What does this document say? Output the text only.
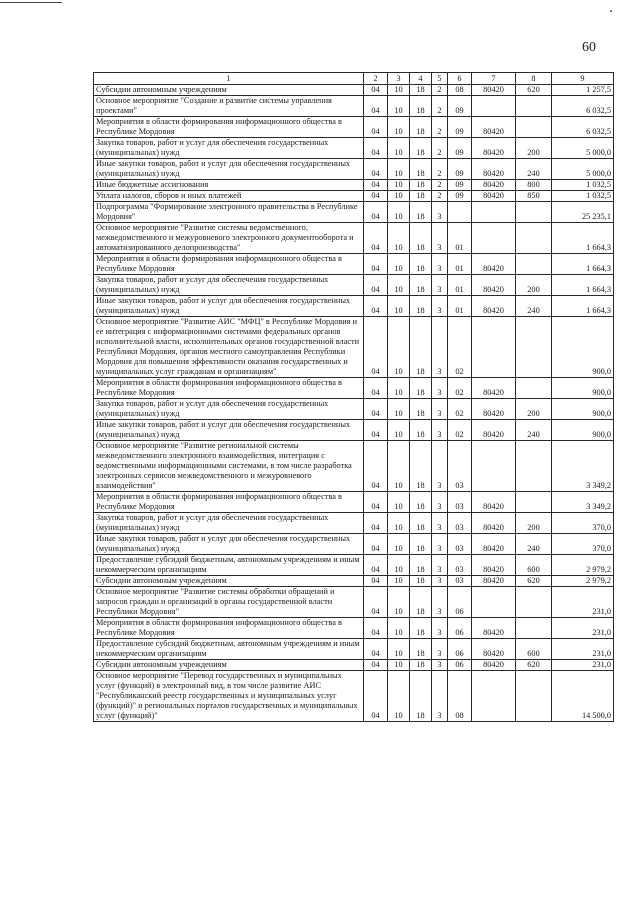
60
1	2	3	4	5	6	7	8	9
Субсидии автономным учреждениям	04	10	18	2	08	80420	620	1 257,5
Основное мероприятие "Создание и развитие системы управления проектами"	04	10	18	2	09			6 032,5
Мероприятия в области формирования информационного общества в Республике Мордовия	04	10	18	2	09	80420		6 032,5
Закупка товаров, работ и услуг для обеспечения государственных (муниципальных) нужд	04	10	18	2	09	80420	200	5 000,0
Иные закупки товаров, работ и услуг для обеспечения государственных (муниципальных) нужд	04	10	18	2	09	80420	240	5 000,0
Иные бюджетные ассигнования	04	10	18	2	09	80420	800	1 032,5
Уплата налогов, сборов и иных платежей	04	10	18	2	09	80420	850	1 032,5
Подпрограмма "Формирование электронного правительства в Республике Мордовия"	04	10	18	3				25 235,1
Основное мероприятие "Развитие системы ведомственного, межведомственного и межуровневого электронного документооборота и автоматизированного делопроизводства"	04	10	18	3	01			1 664,3
Мероприятия в области формирования информационного общества в Республике Мордовия	04	10	18	3	01	80420		1 664,3
Закупка товаров, работ и услуг для обеспечения государственных (муниципальных) нужд	04	10	18	3	01	80420	200	1 664,3
Иные закупки товаров, работ и услуг для обеспечения государственных (муниципальных) нужд	04	10	18	3	01	80420	240	1 664,3
Основное мероприятие "Развитие АИС "МФЦ" в Республике Мордовия и ее интеграция с информационными системами федеральных органов исполнительной власти, исполнительных органов государственной власти Республики Мордовия, органов местного самоуправления Республики Мордовия для повышения эффективности оказания государственных и муниципальных услуг гражданам и организациям"	04	10	18	3	02			900,0
Мероприятия в области формирования информационного общества в Республике Мордовия	04	10	18	3	02	80420		900,0
Закупка товаров, работ и услуг для обеспечения государственных (муниципальных) нужд	04	10	18	3	02	80420	200	900,0
Иные закупки товаров, работ и услуг для обеспечения государственных (муниципальных) нужд	04	10	18	3	02	80420	240	900,0
Основное мероприятие "Развитие региональной системы межведомственного электронного взаимодействия, интеграция с ведомственными информационными системами, в том числе разработка электронных сервисов межведомственного и межуровневого взаимодействия"	04	10	18	3	03			3 349,2
Мероприятия в области формирования информационного общества в Республике Мордовия	04	10	18	3	03	80420		3 349,2
Закупка товаров, работ и услуг для обеспечения государственных (муниципальных) нужд	04	10	18	3	03	80420	200	370,0
Иные закупки товаров, работ и услуг для обеспечения государственных (муниципальных) нужд	04	10	18	3	03	80420	240	370,0
Предоставление субсидий бюджетным, автономным учреждениям и иным некоммерческим организациям	04	10	18	3	03	80420	600	2 979,2
Субсидии автономным учреждениям	04	10	18	3	03	80420	620	2 979,2
Основное мероприятие "Развитие системы обработки обращений и запросов граждан и организаций в органы государственной власти Республики Мордовия"	04	10	18	3	06			231,0
Мероприятия в области формирования информационного общества в Республике Мордовия	04	10	18	3	06	80420		231,0
Предоставление субсидий бюджетным, автономным учреждениям и иным некоммерческим организациям	04	10	18	3	06	80420	600	231,0
Субсидии автономным учреждениям	04	10	18	3	06	80420	620	231,0
Основное мероприятие "Перевод государственных и муниципальных услуг (функций) в электронный вид, в том числе развитие АИС "Республиканский реестр государственных и муниципальных услуг (функций)" и региональных порталов государственных и муниципальных услуг (функций)"	04	10	18	3	08			14 500,0
